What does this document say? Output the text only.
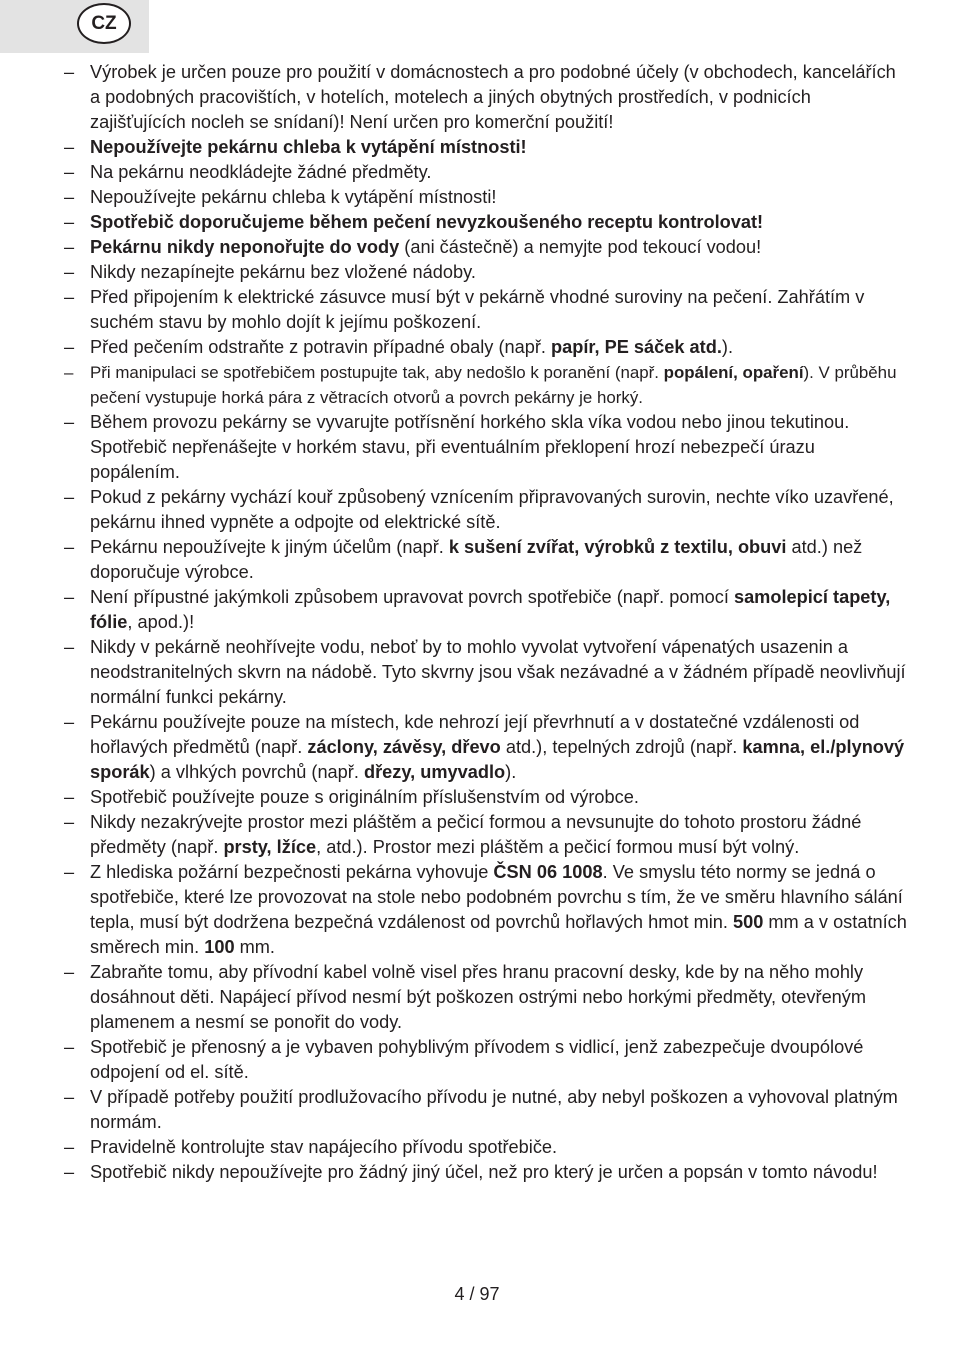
CZ
– Výrobek je určen pouze pro použití v domácnostech a pro podobné účely (v obchodech, kancelářích a podobných pracovištích, v hotelích, motelech a jiných obytných prostředích, v podnicích zajišťujících nocleh se snídaní)! Není určen pro komerční použití!
– Nepoužívejte pekárnu chleba k vytápění místnosti!
– Na pekárnu neodkládejte žádné předměty.
– Nepoužívejte pekárnu chleba k vytápění místnosti!
– Spotřebič doporučujeme během pečení nevyzkoušeného receptu kontrolovat!
– Pekárnu nikdy neponořujte do vody (ani částečně) a nemyjte pod tekoucí vodou!
– Nikdy nezapínejte pekárnu bez vložené nádoby.
– Před připojením k elektrické zásuvce musí být v pekárně vhodné suroviny na pečení. Zahřátím v suchém stavu by mohlo dojít k jejímu poškození.
– Před pečením odstraňte z potravin případné obaly (např. papír, PE sáček atd.).
– Při manipulaci se spotřebičem postupujte tak, aby nedošlo k poranění (např. popálení, opaření). V průběhu pečení vystupuje horká pára z větracích otvorů a povrch pekárny je horký.
– Během provozu pekárny se vyvarujte potřísnění horkého skla víka vodou nebo jinou tekutinou. Spotřebič nepřenášejte v horkém stavu, při eventuálním překlopení hrozí nebezpečí úrazu popálením.
– Pokud z pekárny vychází kouř způsobený vznícením připravovaných surovin, nechte víko uzavřené, pekárnu ihned vypněte a odpojte od elektrické sítě.
– Pekárnu nepoužívejte k jiným účelům (např. k sušení zvířat, výrobků z textilu, obuvi atd.) než doporučuje výrobce.
– Není přípustné jakýmkoli způsobem upravovat povrch spotřebiče (např. pomocí samolepicí tapety, fólie, apod.)!
– Nikdy v pekárně neohřívejte vodu, neboť by to mohlo vyvolat vytvoření vápenatých usazenin a neodstranitelných skvrn na nádobě. Tyto skvrny jsou však nezávadné a v žádném případě neovlivňují normální funkci pekárny.
– Pekárnu používejte pouze na místech, kde nehrozí její převrhnutí a v dostatečné vzdálenosti od hořlavých předmětů (např. záclony, závěsy, dřevo atd.), tepelných zdrojů (např. kamna, el./plynový sporák) a vlhkých povrchů (např. dřezy, umyvadlo).
– Spotřebič používejte pouze s originálním příslušenstvím od výrobce.
– Nikdy nezakrývejte prostor mezi pláštěm a pečicí formou a nevsunujte do tohoto prostoru žádné předměty (např. prsty, lžíce, atd.). Prostor mezi pláštěm a pečicí formou musí být volný.
– Z hlediska požární bezpečnosti pekárna vyhovuje ČSN 06 1008. Ve smyslu této normy se jedná o spotřebiče, které lze provozovat na stole nebo podobném povrchu s tím, že ve směru hlavního sálání tepla, musí být dodržena bezpečná vzdálenost od povrchů hořlavých hmot min. 500 mm a v ostatních směrech min. 100 mm.
– Zabraňte tomu, aby přívodní kabel volně visel přes hranu pracovní desky, kde by na něho mohly dosáhnout děti. Napájecí přívod nesmí být poškozen ostrými nebo horkými předměty, otevřeným plamenem a nesmí se ponořit do vody.
– Spotřebič je přenosný a je vybaven pohyblivým přívodem s vidlicí, jenž zabezpečuje dvoupólové odpojení od el. sítě.
– V případě potřeby použití prodlužovacího přívodu je nutné, aby nebyl poškozen a vyhovoval platným normám.
– Pravidelně kontrolujte stav napájecího přívodu spotřebiče.
– Spotřebič nikdy nepoužívejte pro žádný jiný účel, než pro který je určen a popsán v tomto návodu!
4 / 97
